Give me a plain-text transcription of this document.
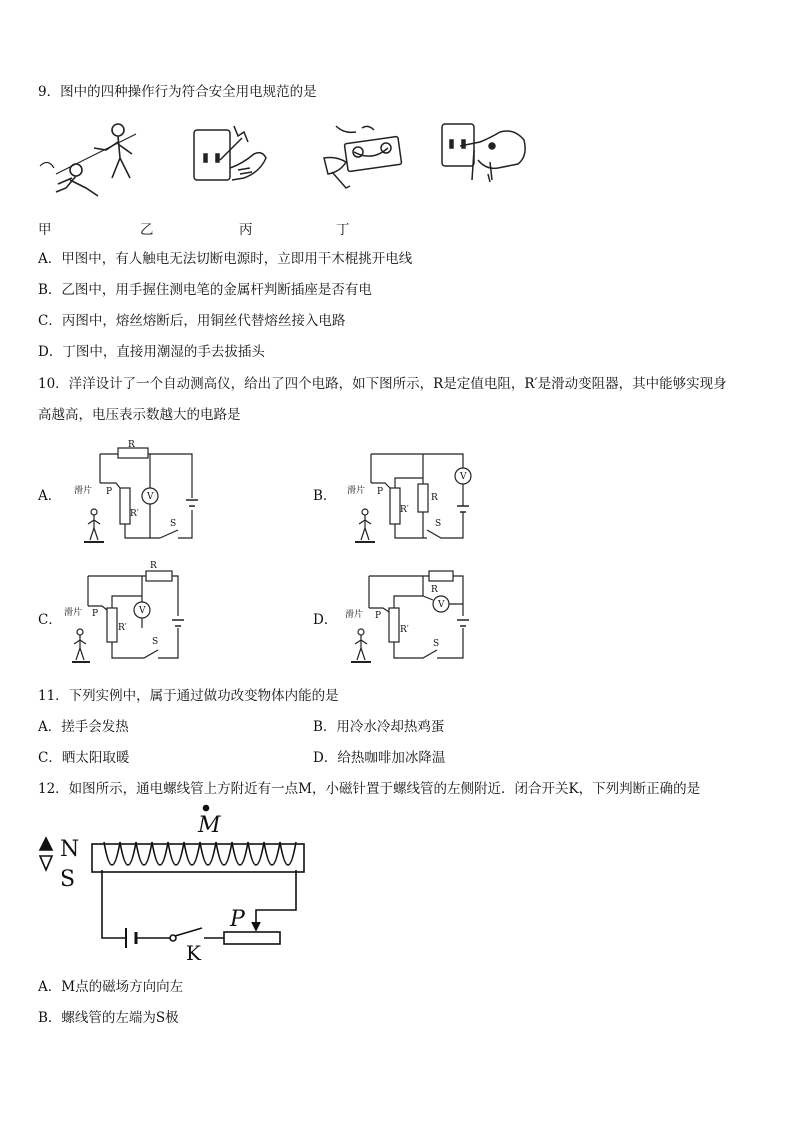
9．图中的四种操作行为符合安全用电规范的是
甲	乙	丙	丁
A．甲图中，有人触电无法切断电源时，立即用干木棍挑开电线
B．乙图中，用手握住测电笔的金属杆判断插座是否有电
C．丙图中，熔丝熔断后，用铜丝代替熔丝接入电路
D．丁图中，直接用潮湿的手去拔插头
10．洋洋设计了一个自动测高仪，给出了四个电路，如下图所示，R是定值电阻，R′是滑动变阻器，其中能够实现身
高越高，电压表示数越大的电路是
A．
R
滑片 P
R′
V
S
B． 滑片 P
R′
R
V
S
C．
R
滑片 P
R′
V
S
D．
R
滑片 P
R′
V
S
11．下列实例中，属于通过做功改变物体内能的是
A．搓手会发热	B．用冷水冷却热鸡蛋
C．晒太阳取暖	D．给热咖啡加冰降温
12．如图所示，通电螺线管上方附近有一点M，小磁针置于螺线管的左侧附近．闭合开关K，下列判断正确的是
M
N
S
P
K
A．M点的磁场方向向左
B．螺线管的左端为S极
